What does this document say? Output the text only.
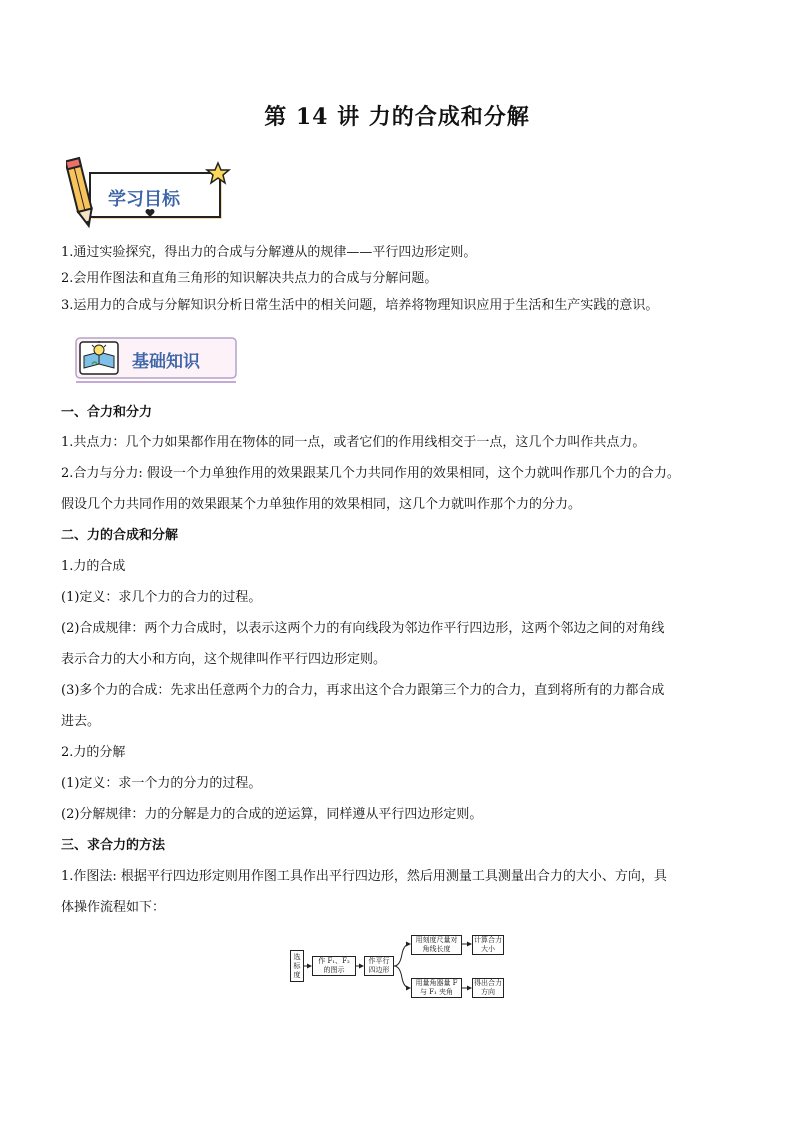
第 14 讲 力的合成和分解
学习目标
1.通过实验探究，得出力的合成与分解遵从的规律——平行四边形定则。
2.会用作图法和直角三角形的知识解决共点力的合成与分解问题。
3.运用力的合成与分解知识分析日常生活中的相关问题，培养将物理知识应用于生活和生产实践的意识。
基础知识
一、合力和分力
1.共点力：几个力如果都作用在物体的同一点，或者它们的作用线相交于一点，这几个力叫作共点力。
2.合力与分力: 假设一个力单独作用的效果跟某几个力共同作用的效果相同，这个力就叫作那几个力的合力。
假设几个力共同作用的效果跟某个力单独作用的效果相同，这几个力就叫作那个力的分力。
二、力的合成和分解
1.力的合成
(1)定义：求几个力的合力的过程。
(2)合成规律：两个力合成时，以表示这两个力的有向线段为邻边作平行四边形，这两个邻边之间的对角线
表示合力的大小和方向，这个规律叫作平行四边形定则。
(3)多个力的合成：先求出任意两个力的合力，再求出这个合力跟第三个力的合力，直到将所有的力都合成
进去。
2.力的分解
(1)定义：求一个力的分力的过程。
(2)分解规律：力的分解是力的合成的逆运算，同样遵从平行四边形定则。
三、求合力的方法
1.作图法: 根据平行四边形定则用作图工具作出平行四边形，然后用测量工具测量出合力的大小、方向，具
体操作流程如下：
选标度
作 F₁、F₂ 的图示
作平行四边形
用刻度尺量对角线长度
计算合力大小
用量角器量 F 与 F₁ 夹角
得出合力方向
